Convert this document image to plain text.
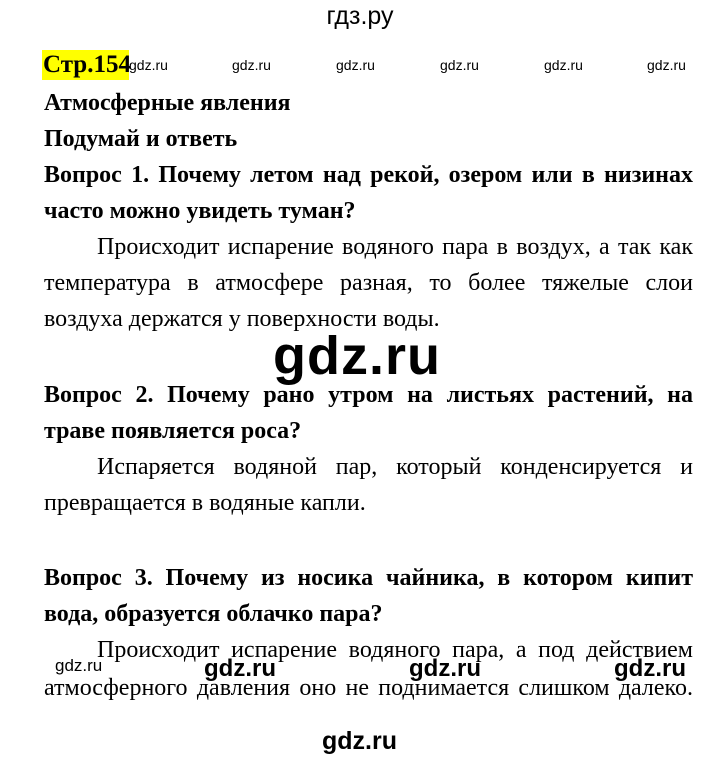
гдз.ру
Стр.154
gdz.ru	gdz.ru	gdz.ru	gdz.ru	gdz.ru	gdz.ru
Атмосферные явления
Подумай и ответь
Вопрос 1. Почему летом над рекой, озером или в низинах
часто можно увидеть туман?
Происходит испарение водяного пара в воздух, а так как
температура в атмосфере разная, то более тяжелые слои
воздуха держатся у поверхности воды.
gdz.ru
Вопрос 2. Почему рано утром на листьях растений, на
траве появляется роса?
Испаряется водяной пар, который конденсируется и
превращается в водяные капли.
Вопрос 3. Почему из носика чайника, в котором кипит
вода, образуется облачко пара?
Происходит испарение водяного пара, а под действием
атмосферного давления оно не поднимается слишком далеко.
gdz.ru	gdz.ru	gdz.ru	gdz.ru
gdz.ru
